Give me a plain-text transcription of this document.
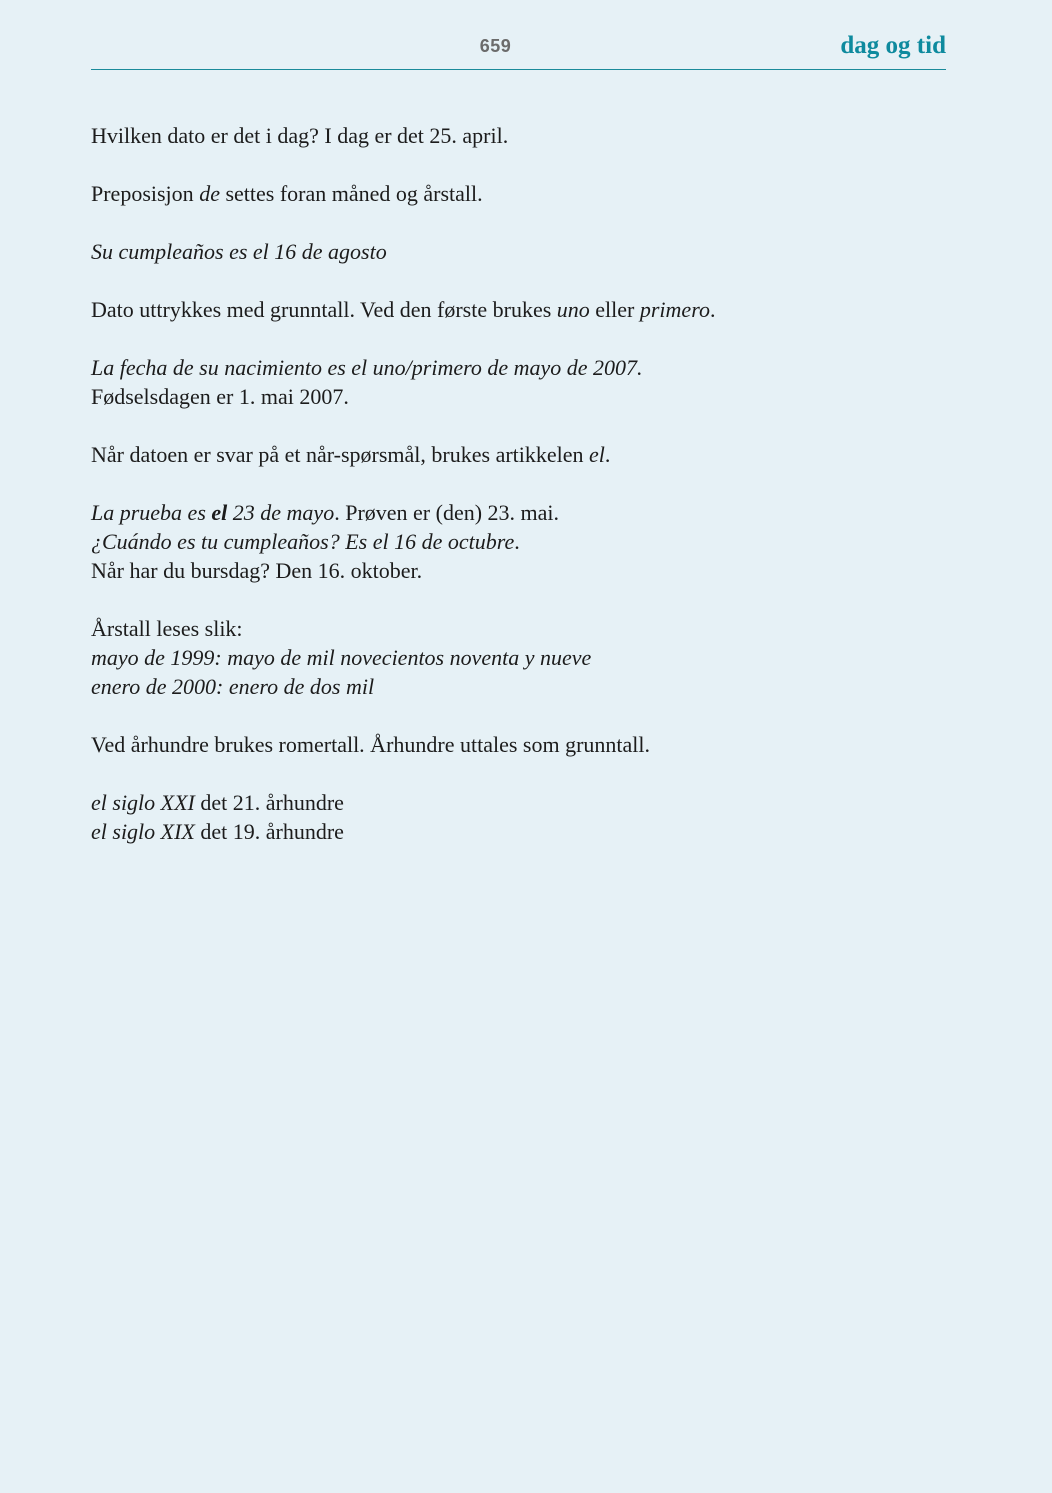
659	dag og tid
Hvilken dato er det i dag? I dag er det 25. april.
Preposisjon de settes foran måned og årstall.
Su cumpleaños es el 16 de agosto
Dato uttrykkes med grunntall. Ved den første brukes uno eller primero.
La fecha de su nacimiento es el uno/primero de mayo de 2007.
Fødselsdagen er 1. mai 2007.
Når datoen er svar på et når-spørsmål, brukes artikkelen el.
La prueba es el 23 de mayo. Prøven er (den) 23. mai.
¿Cuándo es tu cumpleaños? Es el 16 de octubre.
Når har du bursdag? Den 16. oktober.
Årstall leses slik:
mayo de 1999: mayo de mil novecientos noventa y nueve
enero de 2000: enero de dos mil
Ved århundre brukes romertall. Århundre uttales som grunntall.
el siglo XXI det 21. århundre
el siglo XIX det 19. århundre
